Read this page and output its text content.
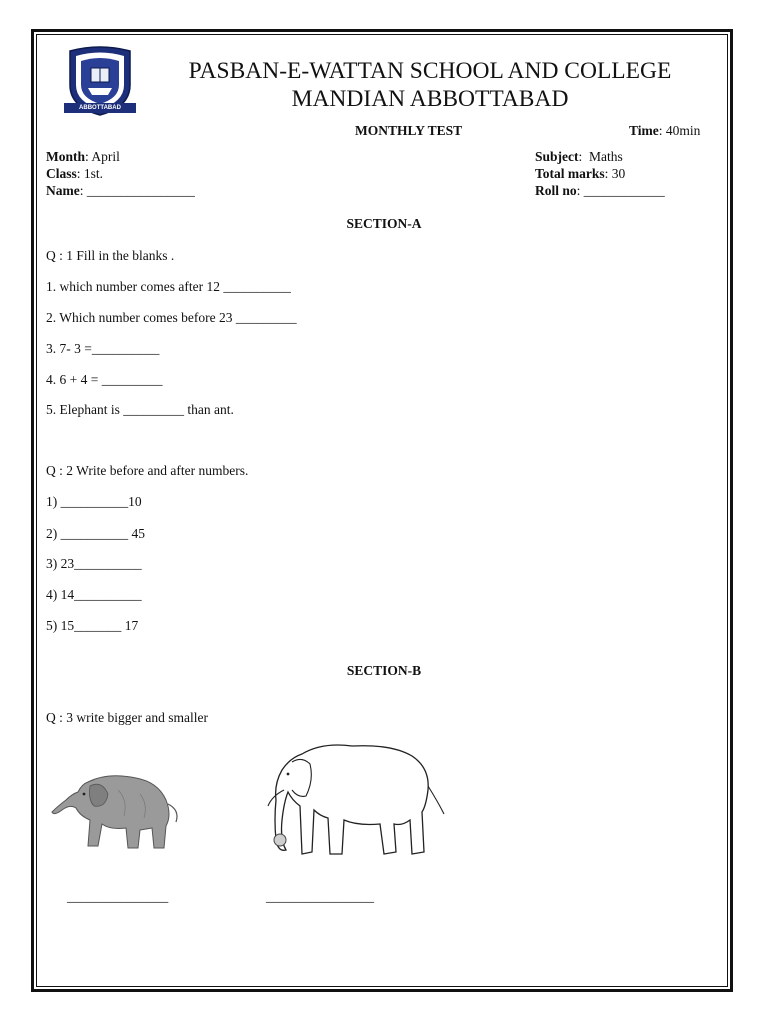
ABBOTTABAD
PASBAN-E-WATTAN SCHOOL AND COLLEGE
MANDIAN ABBOTTABAD
MONTHLY TEST	Time: 40min
Month: April
Class: 1st.
Name: ________________
Subject:  Maths
Total marks: 30
Roll no: ____________
SECTION-A
Q : 1 Fill in the blanks .
1. which number comes after 12 __________
2. Which number comes before 23 _________
3. 7- 3 =__________
4. 6 + 4 = _________
5. Elephant is _________ than ant.
Q : 2 Write before and after numbers.
1) __________10
2) __________ 45
3) 23__________
4) 14__________
5) 15_______ 17
SECTION-B
Q : 3 write bigger and smaller
_______________	________________
